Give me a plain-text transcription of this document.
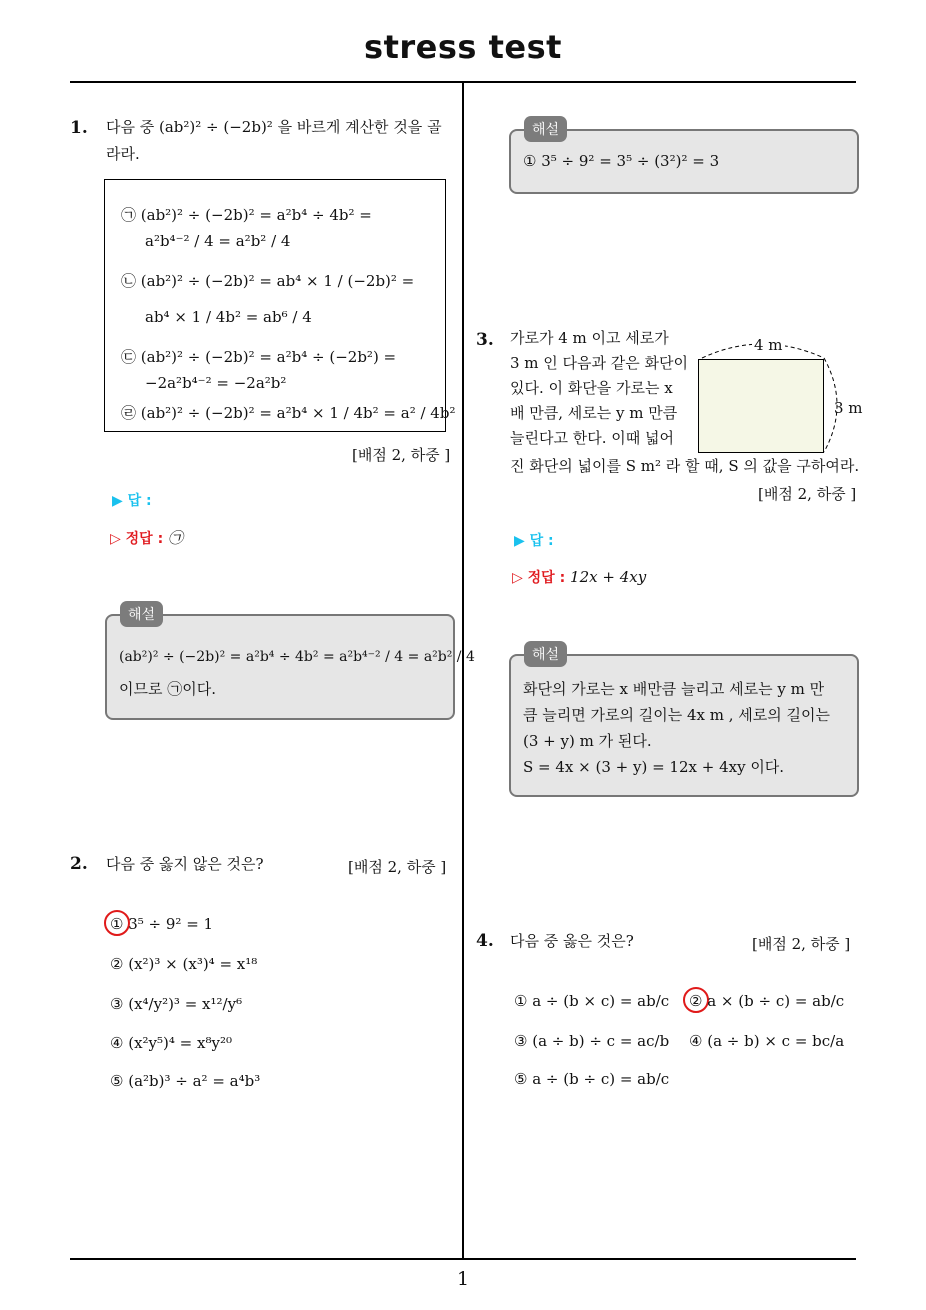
stress test
1
1. 다음 중 (ab²)² ÷ (−2b)² 을 바르게 계산한 것을 골라라.
㉠ (ab²)² ÷ (−2b)² = a²b⁴ ÷ 4b² =
a²b⁴⁻² / 4 = a²b² / 4
㉡ (ab²)² ÷ (−2b)² = ab⁴ × 1 / (−2b)² =
ab⁴ × 1 / 4b² = ab⁶ / 4
㉢ (ab²)² ÷ (−2b)² = a²b⁴ ÷ (−2b²) =
−2a²b⁴⁻² = −2a²b²
㉣ (ab²)² ÷ (−2b)² = a²b⁴ × 1 / 4b² = a² / 4b²
[배점 2, 하중 ]
▶ 답 :
▷ 정답 : ㉠
(ab²)² ÷ (−2b)² = a²b⁴ ÷ 4b² = a²b⁴⁻² / 4 = a²b² / 4
이므로 ㉠이다.
해설
2. 다음 중 옳지 않은 것은?	[배점 2, 하중 ]
① 3⁵ ÷ 9² = 1
② (x²)³ × (x³)⁴ = x¹⁸
③ (x⁴/y²)³ = x¹²/y⁶
④ (x²y⁵)⁴ = x⁸y²⁰
⑤ (a²b)³ ÷ a² = a⁴b³
① 3⁵ ÷ 9² = 3⁵ ÷ (3²)² = 3
해설
3. 가로가 4 m 이고 세로가
3 m 인 다음과 같은 화단이
있다. 이 화단을 가로는 x
배 만큼, 세로는 y m 만큼
늘린다고 한다. 이때 넓어
진 화단의 넓이를 S m² 라 할 때, S 의 값을 구하여라.
4 m
3 m
[배점 2, 하중 ]
▶ 답 :
▷ 정답 : 12x + 4xy
화단의 가로는 x 배만큼 늘리고 세로는 y m 만
큼 늘리면 가로의 길이는 4x m , 세로의 길이는
(3 + y) m 가 된다.
S = 4x × (3 + y) = 12x + 4xy 이다.
해설
4. 다음 중 옳은 것은?	[배점 2, 하중 ]
① a ÷ (b × c) = ab/c ② a × (b ÷ c) = ab/c
③ (a ÷ b) ÷ c = ac/b ④ (a ÷ b) × c = bc/a
⑤ a ÷ (b ÷ c) = ab/c
